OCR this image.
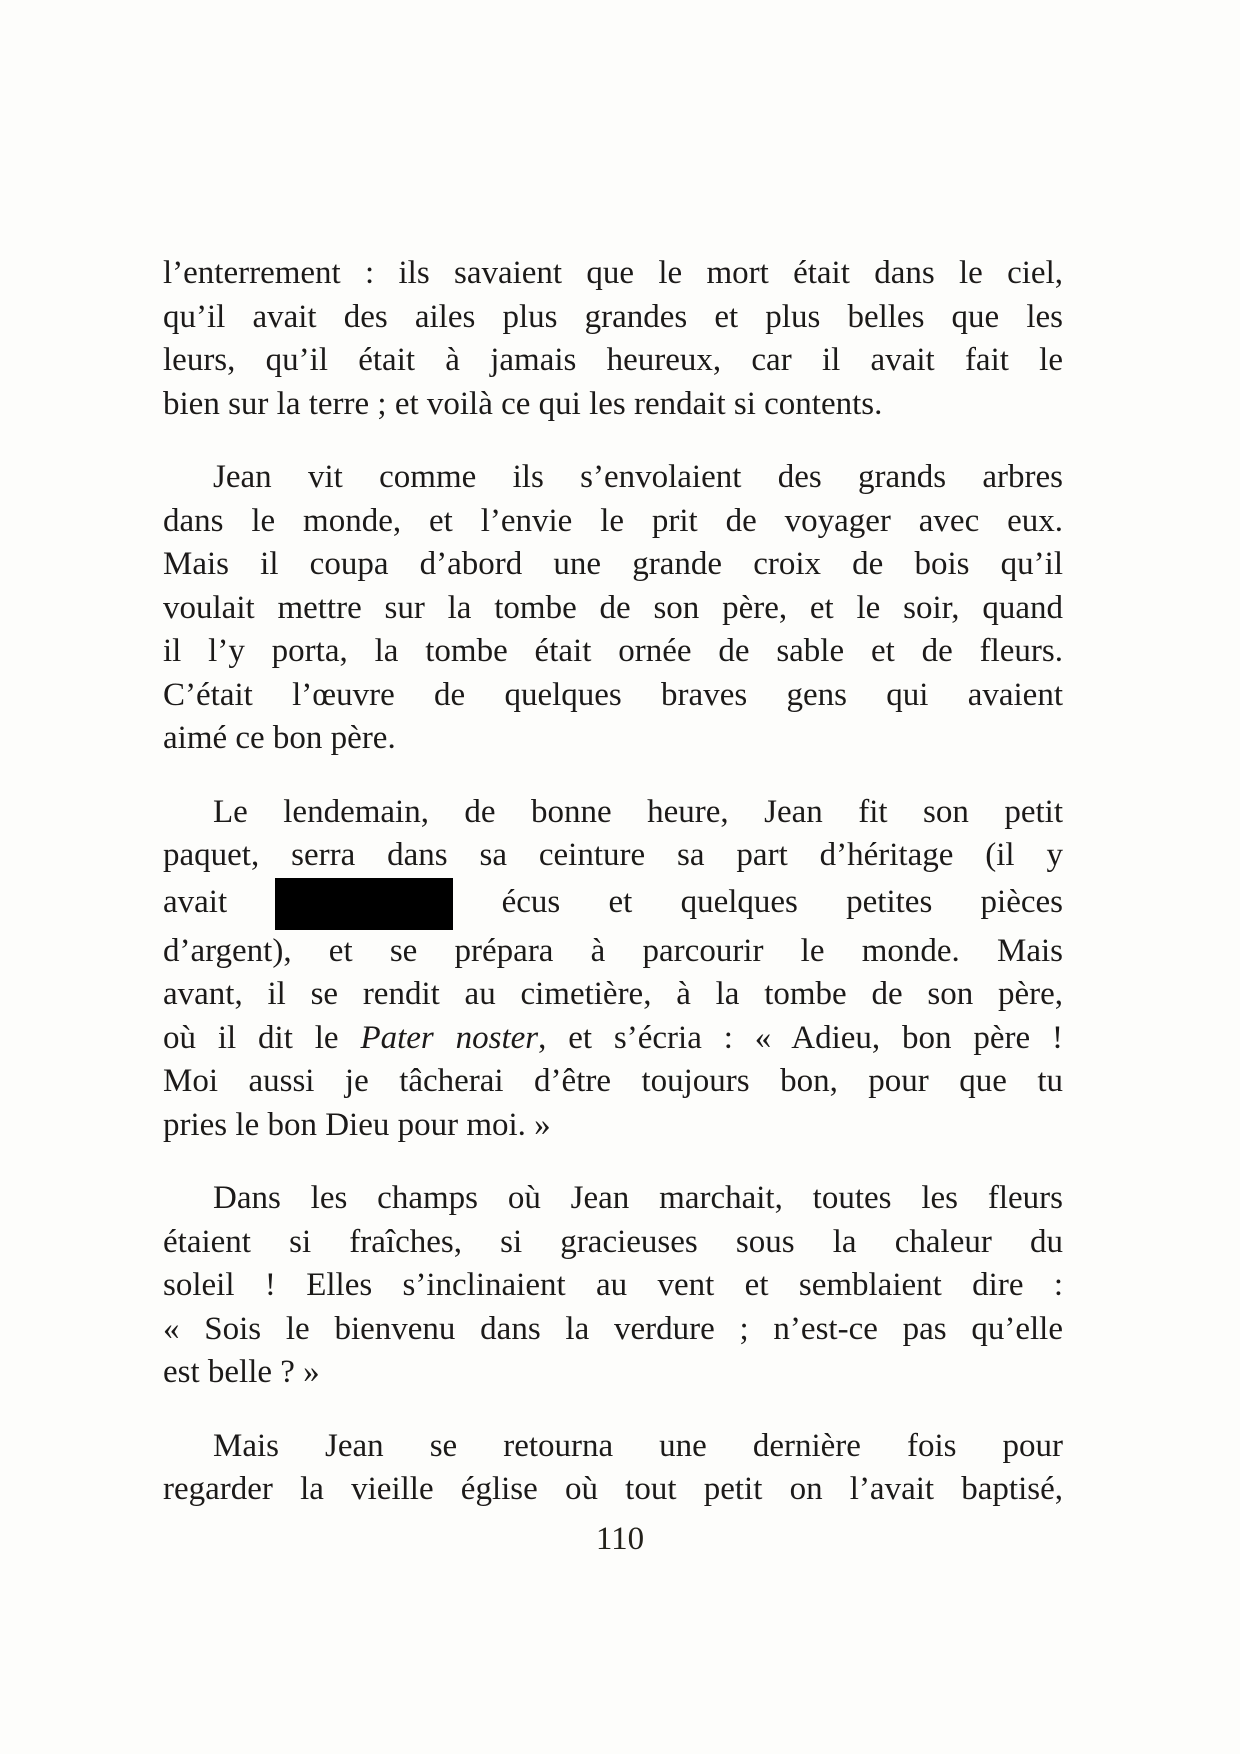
l’enterrement : ils savaient que le mort était dans le ciel,
qu’il avait des ailes plus grandes et plus belles que les
leurs, qu’il était à jamais heureux, car il avait fait le
bien sur la terre ; et voilà ce qui les rendait si contents.
Jean vit comme ils s’envolaient des grands arbres
dans le monde, et l’envie le prit de voyager avec eux.
Mais il coupa d’abord une grande croix de bois qu’il
voulait mettre sur la tombe de son père, et le soir, quand
il l’y porta, la tombe était ornée de sable et de fleurs.
C’était l’œuvre de quelques braves gens qui avaient
aimé ce bon père.
Le lendemain, de bonne heure, Jean fit son petit
paquet, serra dans sa ceinture sa part d’héritage (il y
avait	écus et quelques petites pièces
d’argent), et se prépara à parcourir le monde. Mais
avant, il se rendit au cimetière, à la tombe de son père,
où il dit le Pater noster, et s’écria : « Adieu, bon père !
Moi aussi je tâcherai d’être toujours bon, pour que tu
pries le bon Dieu pour moi. »
Dans les champs où Jean marchait, toutes les fleurs
étaient si fraîches, si gracieuses sous la chaleur du
soleil ! Elles s’inclinaient au vent et semblaient dire :
« Sois le bienvenu dans la verdure ; n’est-ce pas qu’elle
est belle ? »
Mais Jean se retourna une dernière fois pour
regarder la vieille église où tout petit on l’avait baptisé,
110
